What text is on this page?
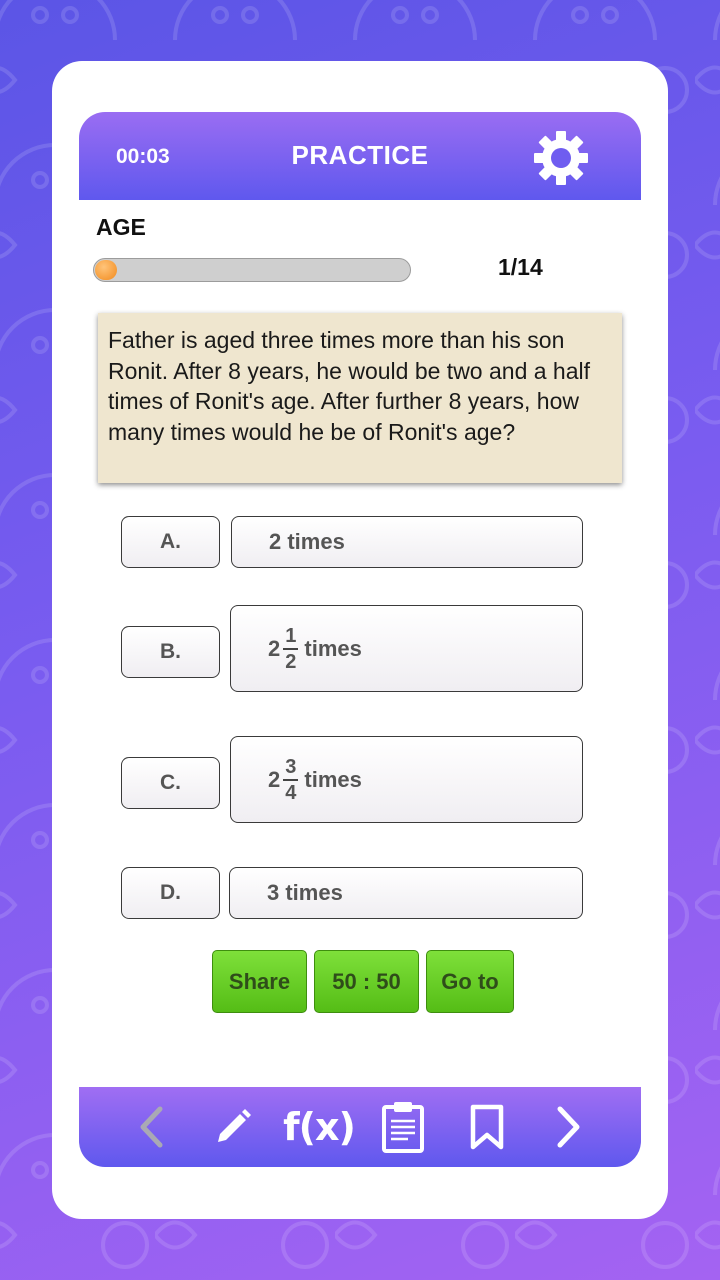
00:03	PRACTICE
AGE
1/14
Father is aged three times more than his son Ronit. After 8 years, he would be two and a half times of Ronit's age. After further 8 years, how many times would he be of Ronit's age?
A.	2 times
B.	$2 \frac{1}{2}$ times
C.	$2 \frac{3}{4}$ times
D.	3 times
Share	50 : 50	Go to
f(x)
